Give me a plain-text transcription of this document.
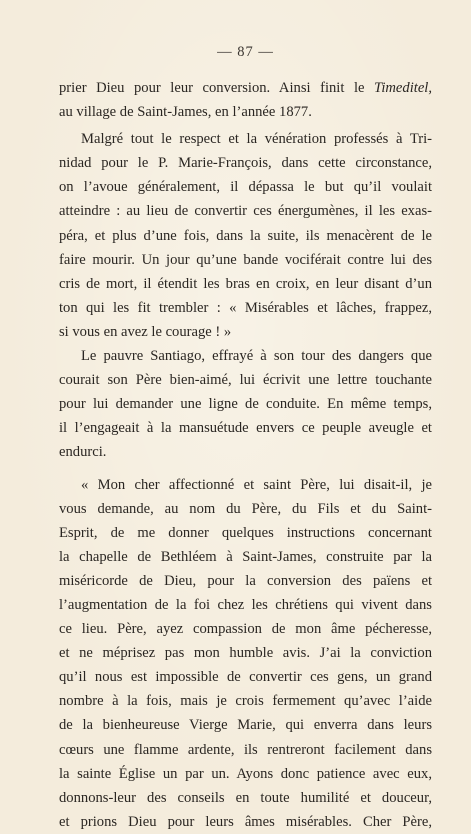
— 87 —
prier Dieu pour leur conversion. Ainsi finit le Timeditel,
au village de Saint-James, en l’année 1877.
Malgré tout le respect et la vénération professés à Tri-
nidad pour le P. Marie-François, dans cette circonstance,
on l’avoue généralement, il dépassa le but qu’il voulait
atteindre : au lieu de convertir ces énergumènes, il les exas-
péra, et plus d’une fois, dans la suite, ils menacèrent de le
faire mourir. Un jour qu’une bande vociférait contre lui des
cris de mort, il étendit les bras en croix, en leur disant d’un
ton qui les fit trembler : « Misérables et lâches, frappez,
si vous en avez le courage ! »
Le pauvre Santiago, effrayé à son tour des dangers que
courait son Père bien-aimé, lui écrivit une lettre touchante
pour lui demander une ligne de conduite. En même temps,
il l’engageait à la mansuétude envers ce peuple aveugle et
endurci.
« Mon cher affectionné et saint Père, lui disait-il, je
vous demande, au nom du Père, du Fils et du Saint-
Esprit, de me donner quelques instructions concernant
la chapelle de Bethléem à Saint-James, construite par la
miséricorde de Dieu, pour la conversion des païens et
l’augmentation de la foi chez les chrétiens qui vivent dans
ce lieu. Père, ayez compassion de mon âme pécheresse,
et ne méprisez pas mon humble avis. J’ai la conviction
qu’il nous est impossible de convertir ces gens, un grand
nombre à la fois, mais je crois fermement qu’avec l’aide
de la bienheureuse Vierge Marie, qui enverra dans leurs
cœurs une flamme ardente, ils rentreront facilement dans
la sainte Église un par un. Ayons donc patience avec eux,
donnons-leur des conseils en toute humilité et douceur,
et prions Dieu pour leurs âmes misérables. Cher Père,
